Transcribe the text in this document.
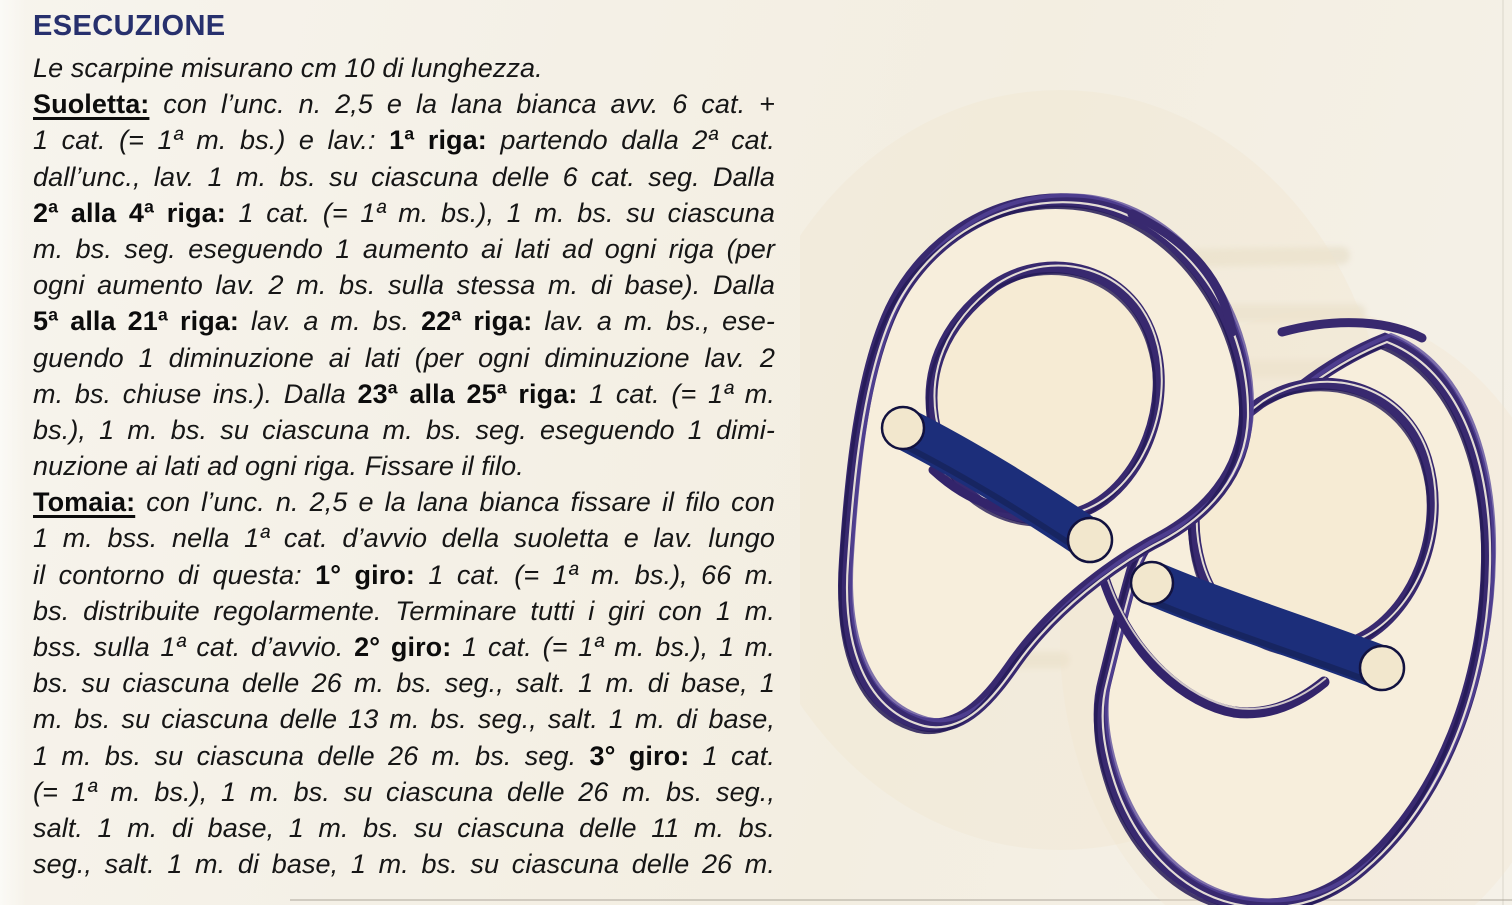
ESECUZIONE
Le scarpine misurano cm 10 di lunghezza.
Suoletta: con l’unc. n. 2,5 e la lana bianca avv. 6 cat. +
1 cat. (= 1ª m. bs.) e lav.: 1ª riga: partendo dalla 2ª cat.
dall’unc., lav. 1 m. bs. su ciascuna delle 6 cat. seg. Dalla
2ª alla 4ª riga: 1 cat. (= 1ª m. bs.), 1 m. bs. su ciascuna
m. bs. seg. eseguendo 1 aumento ai lati ad ogni riga (per
ogni aumento lav. 2 m. bs. sulla stessa m. di base). Dalla
5ª alla 21ª riga: lav. a m. bs. 22ª riga: lav. a m. bs., ese-
guendo 1 diminuzione ai lati (per ogni diminuzione lav. 2
m. bs. chiuse ins.). Dalla 23ª alla 25ª riga: 1 cat. (= 1ª m.
bs.), 1 m. bs. su ciascuna m. bs. seg. eseguendo 1 dimi-
nuzione ai lati ad ogni riga. Fissare il filo.
Tomaia: con l’unc. n. 2,5 e la lana bianca fissare il filo con
1 m. bss. nella 1ª cat. d’avvio della suoletta e lav. lungo
il contorno di questa: 1° giro: 1 cat. (= 1ª m. bs.), 66 m.
bs. distribuite regolarmente. Terminare tutti i giri con 1 m.
bss. sulla 1ª cat. d’avvio. 2° giro: 1 cat. (= 1ª m. bs.), 1 m.
bs. su ciascuna delle 26 m. bs. seg., salt. 1 m. di base, 1
m. bs. su ciascuna delle 13 m. bs. seg., salt. 1 m. di base,
1 m. bs. su ciascuna delle 26 m. bs. seg. 3° giro: 1 cat.
(= 1ª m. bs.), 1 m. bs. su ciascuna delle 26 m. bs. seg.,
salt. 1 m. di base, 1 m. bs. su ciascuna delle 11 m. bs.
seg., salt. 1 m. di base, 1 m. bs. su ciascuna delle 26 m.
